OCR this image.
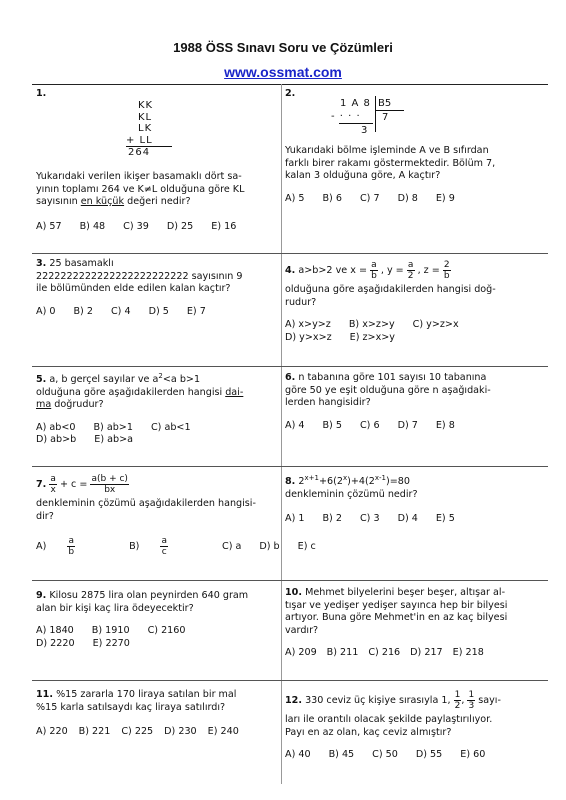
1988 ÖSS Sınavı Soru ve Çözümleri
www.ossmat.com
1.
KK
KL
LK
+ LL
264
Yukarıdaki verilen ikişer basamaklı dört sa-
yının toplamı 264 ve K≠L olduğuna göre KL
sayısının en küçük değeri nedir?
A) 57 B) 48 C) 39 D) 25 E) 16
2.
1 A 8 B5
7
- · · ·
3
Yukarıdaki bölme işleminde A ve B sıfırdan
farklı birer rakamı göstermektedir. Bölüm 7,
kalan 3 olduğuna göre, A kaçtır?
A) 5 B) 6 C) 7 D) 8 E) 9
3. 25 basamaklı
2222222222222222222222222 sayısının 9
ile bölümünden elde edilen kalan kaçtır?
A) 0 B) 2 C) 4 D) 5 E) 7
4. a>b>2 ve $x = \frac{a}{b}$ , $y = \frac{a}{2}$ , $z = \frac{2}{b}$
olduğuna göre aşağıdakilerden hangisi doğ-
rudur?
A) x>y>z B) x>z>y C) y>z>x
D) y>x>z E) z>x>y
5. a, b gerçel sayılar ve $a^2<a$ b>1
olduğuna göre aşağıdakilerden hangisi dai-
ma doğrudur?
A) ab<0 B) ab>1 C) ab<1
D) ab>b E) ab>a
6. n tabanına göre 101 sayısı 10 tabanına
göre 50 ye eşit olduğuna göre n aşağıdaki-
lerden hangisidir?
A) 4 B) 5 C) 6 D) 7 E) 8
7. $\frac{a}{x} + c = \frac{a(b + c)}{bx}$
denkleminin çözümü aşağıdakilerden hangisi-
dir?
$A) \frac{a}{b}$	$B) \frac{a}{c}$	C) a D) b E) c
8. $2^{x+1}+6(2^x)+4(2^{x-1})=80$
denkleminin çözümü nedir?
A) 1 B) 2 C) 3 D) 4 E) 5
9. Kilosu 2875 lira olan peynirden 640 gram
alan bir kişi kaç lira ödeyecektir?
A) 1840 B) 1910 C) 2160
D) 2220 E) 2270
10. Mehmet bilyelerini beşer beşer, altışar al-
tışar ve yedişer yedişer sayınca hep bir bilyesi
artıyor. Buna göre Mehmet'in en az kaç bilyesi
vardır?
A) 209 B) 211 C) 216 D) 217 E) 218
11. %15 zararla 170 liraya satılan bir mal
%15 karla satılsaydı kaç liraya satılırdı?
A) 220 B) 221 C) 225 D) 230 E) 240
12. 330 ceviz üç kişiye sırasıyla 1, $\frac{1}{2}$ , $\frac{1}{3}$ sayı-
ları ile orantılı olacak şekilde paylaştırılıyor.
Payı en az olan, kaç ceviz almıştır?
A) 40 B) 45 C) 50 D) 55 E) 60
